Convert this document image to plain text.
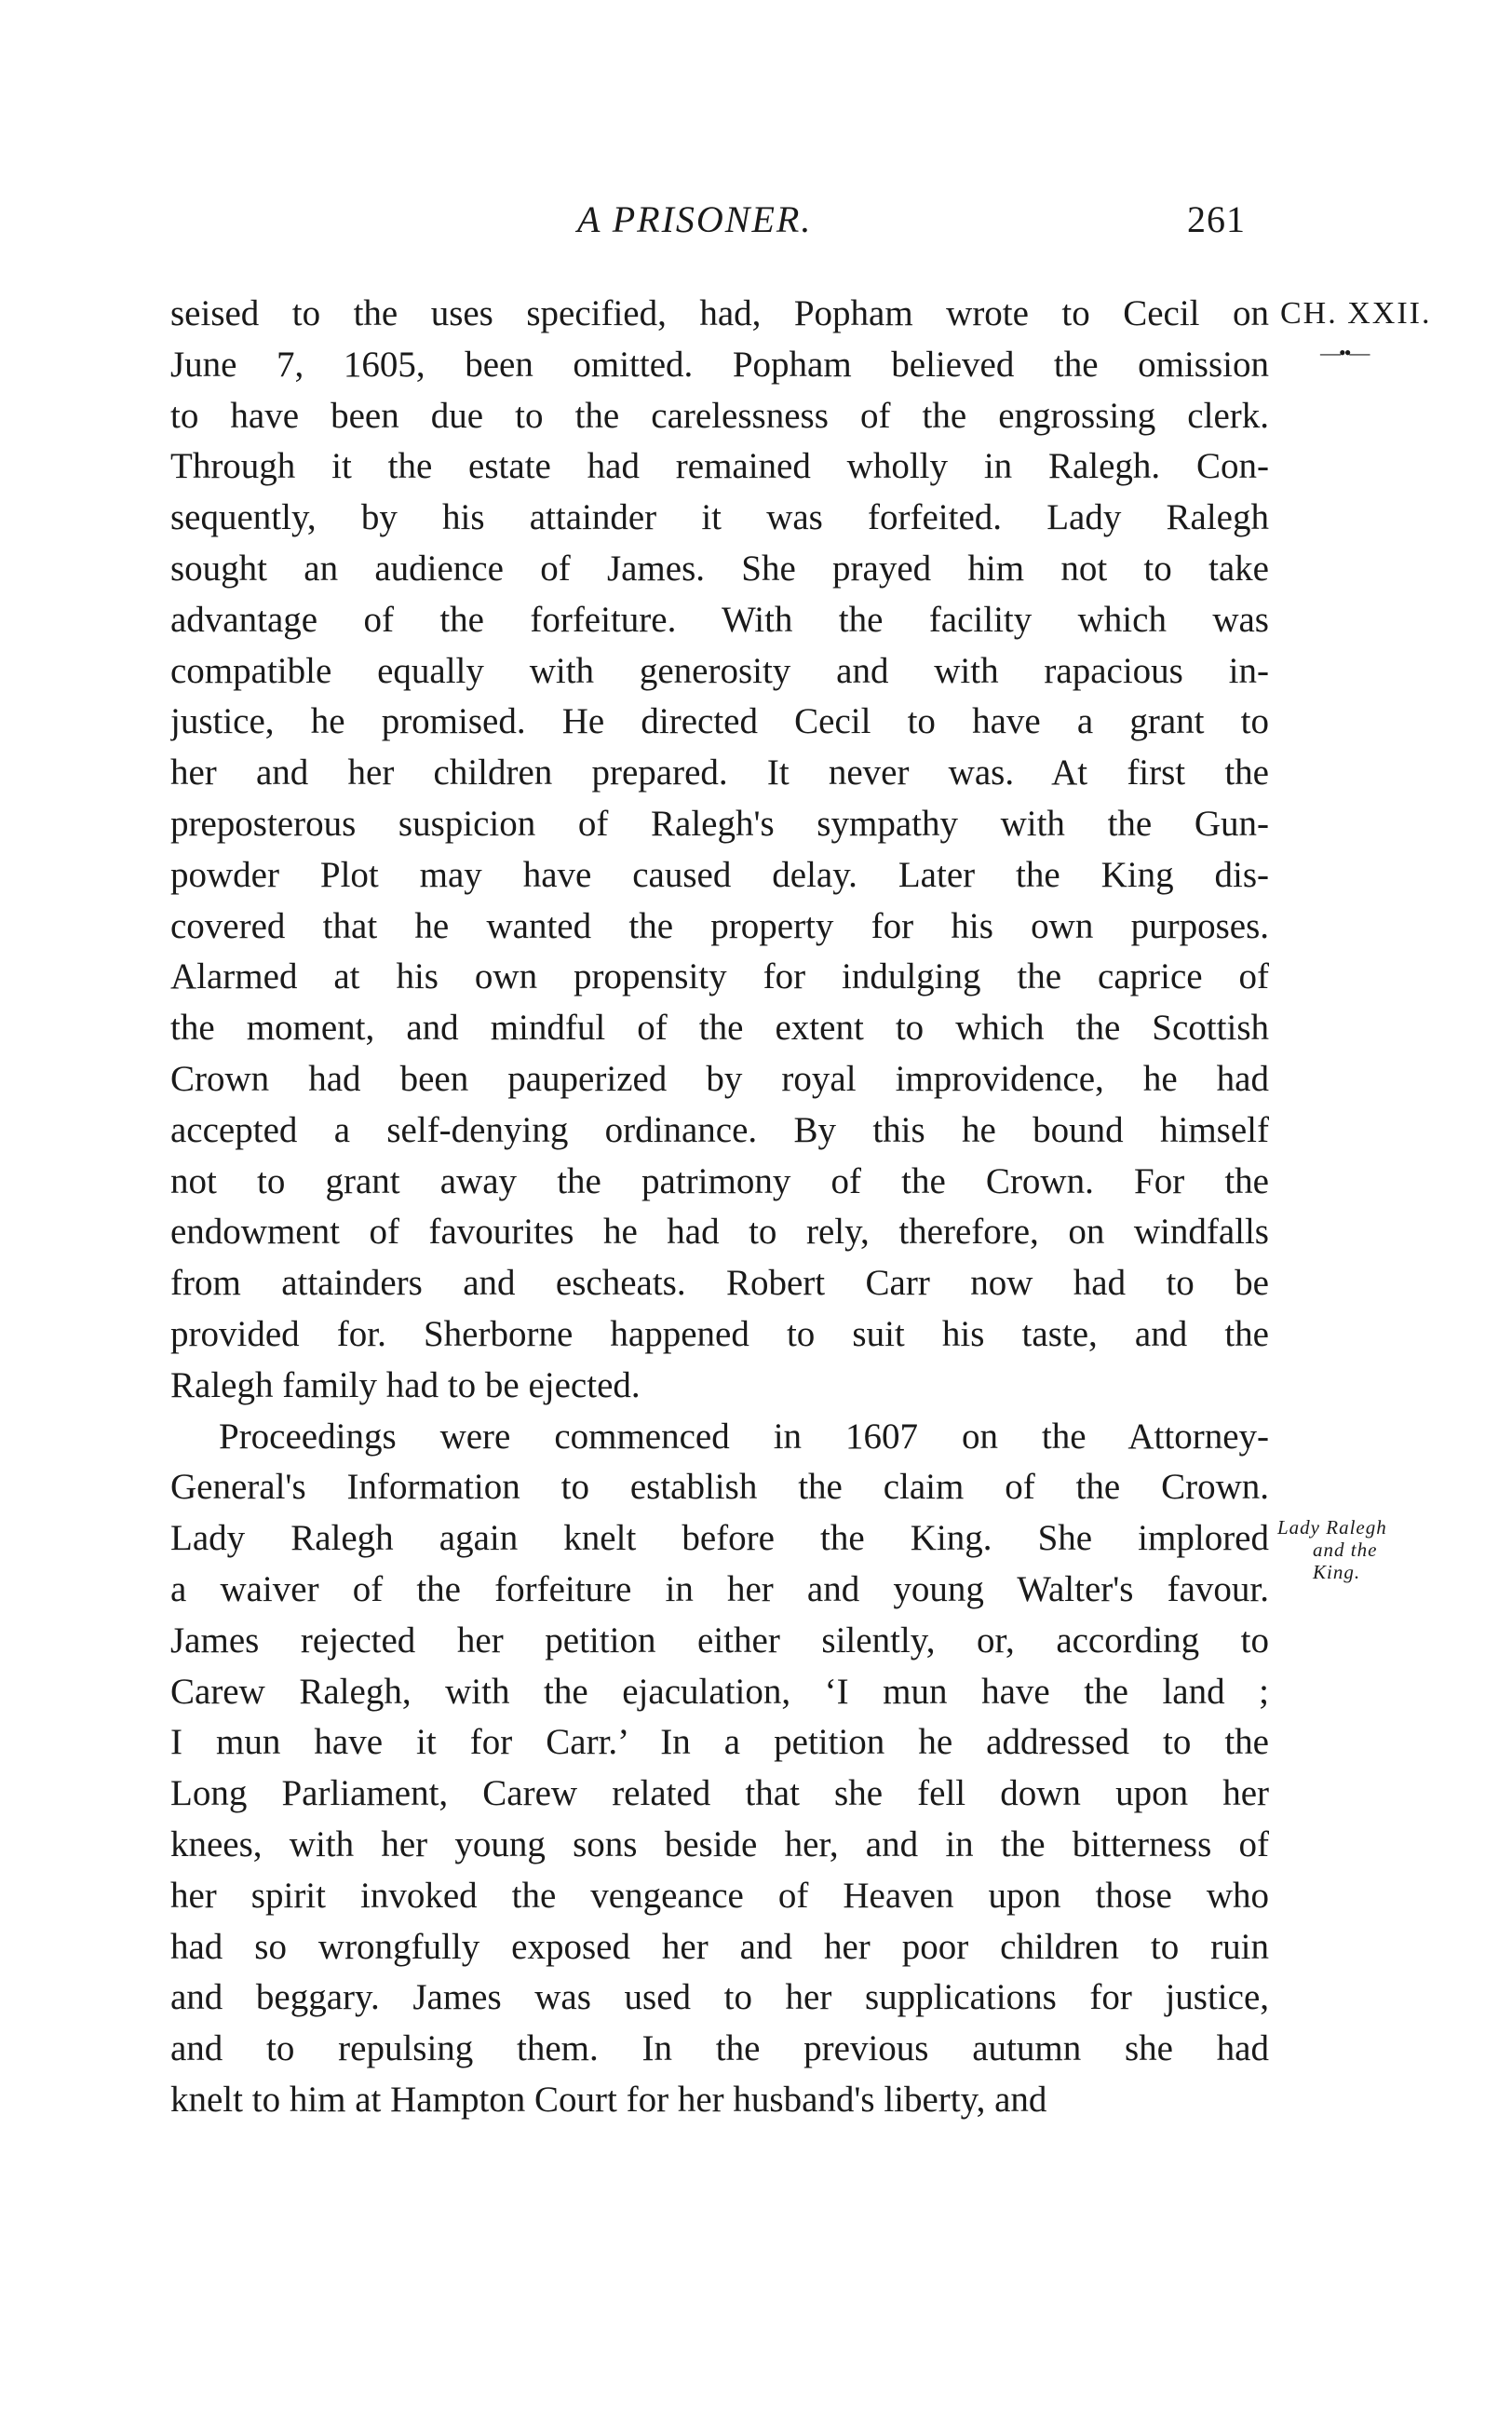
A PRISONER.	261
CH. XXII.
—••—
Lady Ralegh
and the
King.
seised to the uses specified, had, Popham wrote to Cecil on
June 7, 1605, been omitted. Popham believed the omission
to have been due to the carelessness of the engrossing clerk.
Through it the estate had remained wholly in Ralegh. Con-
sequently, by his attainder it was forfeited. Lady Ralegh
sought an audience of James. She prayed him not to take
advantage of the forfeiture. With the facility which was
compatible equally with generosity and with rapacious in-
justice, he promised. He directed Cecil to have a grant to
her and her children prepared. It never was. At first the
preposterous suspicion of Ralegh's sympathy with the Gun-
powder Plot may have caused delay. Later the King dis-
covered that he wanted the property for his own purposes.
Alarmed at his own propensity for indulging the caprice of
the moment, and mindful of the extent to which the Scottish
Crown had been pauperized by royal improvidence, he had
accepted a self-denying ordinance. By this he bound himself
not to grant away the patrimony of the Crown. For the
endowment of favourites he had to rely, therefore, on windfalls
from attainders and escheats. Robert Carr now had to be
provided for. Sherborne happened to suit his taste, and the
Ralegh family had to be ejected.
Proceedings were commenced in 1607 on the Attorney-
General's Information to establish the claim of the Crown.
Lady Ralegh again knelt before the King. She implored
a waiver of the forfeiture in her and young Walter's favour.
James rejected her petition either silently, or, according to
Carew Ralegh, with the ejaculation, ‘I mun have the land ;
I mun have it for Carr.’ In a petition he addressed to the
Long Parliament, Carew related that she fell down upon her
knees, with her young sons beside her, and in the bitterness of
her spirit invoked the vengeance of Heaven upon those who
had so wrongfully exposed her and her poor children to ruin
and beggary. James was used to her supplications for justice,
and to repulsing them. In the previous autumn she had
knelt to him at Hampton Court for her husband's liberty, and
